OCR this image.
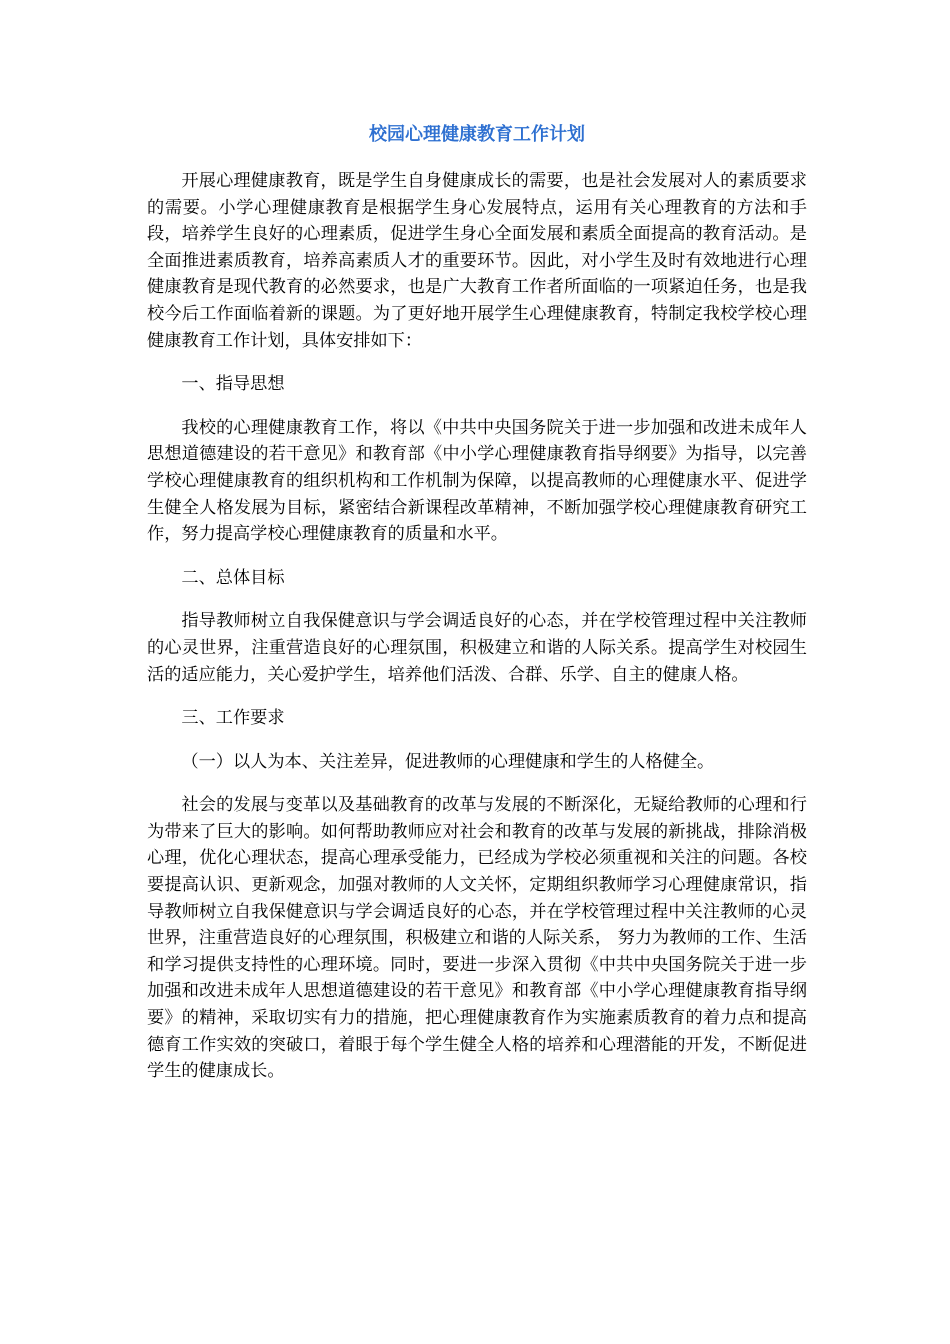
校园心理健康教育工作计划

开展心理健康教育，既是学生自身健康成长的需要，也是社会发展对人的素质要求的需要。小学心理健康教育是根据学生身心发展特点，运用有关心理教育的方法和手段，培养学生良好的心理素质，促进学生身心全面发展和素质全面提高的教育活动。是全面推进素质教育，培养高素质人才的重要环节。因此，对小学生及时有效地进行心理健康教育是现代教育的必然要求，也是广大教育工作者所面临的一项紧迫任务，也是我校今后工作面临着新的课题。为了更好地开展学生心理健康教育，特制定我校学校心理健康教育工作计划，具体安排如下：

一、指导思想

我校的心理健康教育工作，将以《中共中央国务院关于进一步加强和改进未成年人思想道德建设的若干意见》和教育部《中小学心理健康教育指导纲要》为指导，以完善学校心理健康教育的组织机构和工作机制为保障，以提高教师的心理健康水平、促进学生健全人格发展为目标，紧密结合新课程改革精神，不断加强学校心理健康教育研究工作，努力提高学校心理健康教育的质量和水平。

二、总体目标

指导教师树立自我保健意识与学会调适良好的心态，并在学校管理过程中关注教师的心灵世界，注重营造良好的心理氛围，积极建立和谐的人际关系。提高学生对校园生活的适应能力，关心爱护学生，培养他们活泼、合群、乐学、自主的健康人格。

三、工作要求

（一）以人为本、关注差异，促进教师的心理健康和学生的人格健全。

社会的发展与变革以及基础教育的改革与发展的不断深化，无疑给教师的心理和行为带来了巨大的影响。如何帮助教师应对社会和教育的改革与发展的新挑战，排除消极心理，优化心理状态，提高心理承受能力，已经成为学校必须重视和关注的问题。各校要提高认识、更新观念，加强对教师的人文关怀，定期组织教师学习心理健康常识，指导教师树立自我保健意识与学会调适良好的心态，并在学校管理过程中关注教师的心灵世界，注重营造良好的心理氛围，积极建立和谐的人际关系， 努力为教师的工作、生活和学习提供支持性的心理环境。同时，要进一步深入贯彻《中共中央国务院关于进一步加强和改进未成年人思想道德建设的若干意见》和教育部《中小学心理健康教育指导纲要》的精神，采取切实有力的措施，把心理健康教育作为实施素质教育的着力点和提高德育工作实效的突破口，着眼于每个学生健全人格的培养和心理潜能的开发，不断促进学生的健康成长。
